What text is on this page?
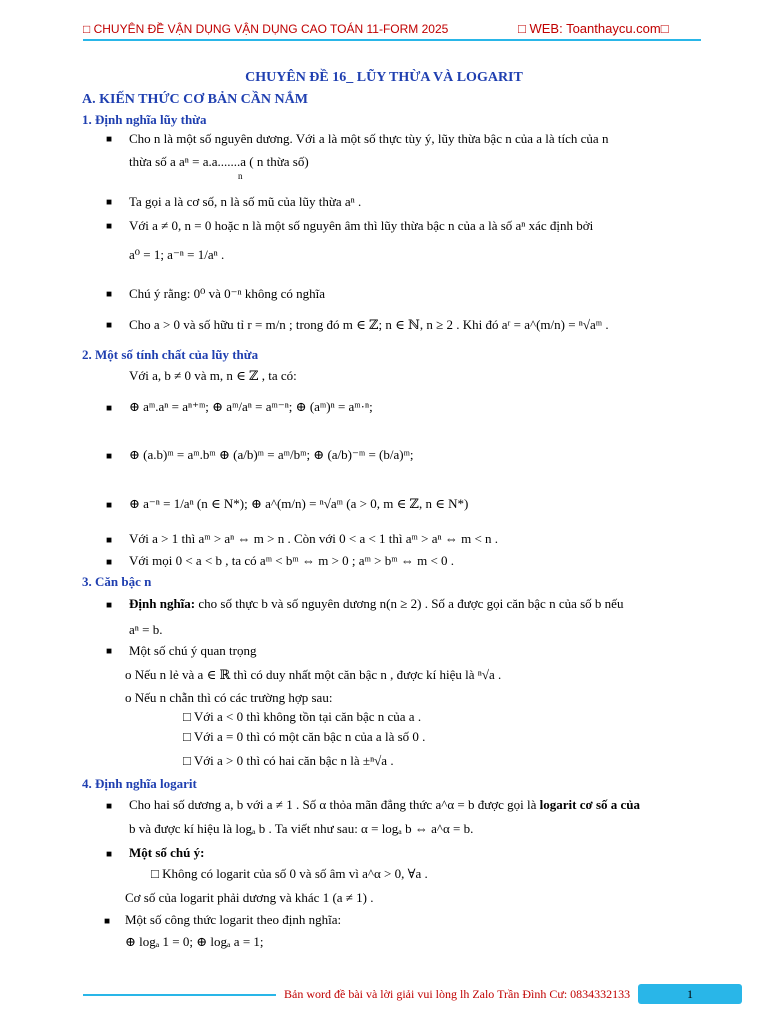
□ CHUYÊN ĐỀ VẬN DỤNG VẬN DỤNG CAO TOÁN 11-FORM 2025	□ WEB: Toanthaycu.com□
CHUYÊN ĐỀ 16_ LŨY THỪA VÀ LOGARIT
A. KIẾN THỨC CƠ BẢN CẦN NẮM
1. Định nghĩa lũy thừa
■ Cho n là một số nguyên dương. Với a là một số thực tùy ý, lũy thừa bậc n của a là tích của n
thừa số a aⁿ = a.a.......a ( n thừa số)
n
■ Ta gọi a là cơ số, n là số mũ của lũy thừa aⁿ .
■ Với a ≠ 0, n = 0 hoặc n là một số nguyên âm thì lũy thừa bậc n của a là số aⁿ xác định bởi
a⁰ = 1; a⁻ⁿ = 1/aⁿ .
■ Chú ý rằng: 0⁰ và 0⁻ⁿ không có nghĩa
■ Cho a > 0 và số hữu tỉ r = m/n ; trong đó m ∈ ℤ; n ∈ ℕ, n ≥ 2 . Khi đó aʳ = a^(m/n) = ⁿ√aᵐ .
2. Một số tính chất của lũy thừa
Với a, b ≠ 0 và m, n ∈ ℤ , ta có:
■ ⊕ aᵐ.aⁿ = aⁿ⁺ᵐ; ⊕ aᵐ/aⁿ = aᵐ⁻ⁿ; ⊕ (aᵐ)ⁿ = aᵐ·ⁿ;
■ ⊕ (a.b)ᵐ = aᵐ.bᵐ ⊕ (a/b)ᵐ = aᵐ/bᵐ; ⊕ (a/b)⁻ᵐ = (b/a)ᵐ;
■ ⊕ a⁻ⁿ = 1/aⁿ (n ∈ N*); ⊕ a^(m/n) = ⁿ√aᵐ (a > 0, m ∈ ℤ, n ∈ N*)
■ Với a > 1 thì aᵐ > aⁿ ⇔ m > n . Còn với 0 < a < 1 thì aᵐ > aⁿ ⇔ m < n .
■ Với mọi 0 < a < b , ta có aᵐ < bᵐ ⇔ m > 0 ; aᵐ > bᵐ ⇔ m < 0 .
3. Căn bậc n
■ Định nghĩa: cho số thực b và số nguyên dương n(n ≥ 2) . Số a được gọi căn bậc n của số b nếu
aⁿ = b.
■ Một số chú ý quan trọng
o Nếu n lẻ và a ∈ ℝ thì có duy nhất một căn bậc n , được kí hiệu là ⁿ√a .
o Nếu n chẵn thì có các trường hợp sau:
□ Với a < 0 thì không tồn tại căn bậc n của a .
□ Với a = 0 thì có một căn bậc n của a là số 0 .
□ Với a > 0 thì có hai căn bậc n là ±ⁿ√a .
4. Định nghĩa logarit
■ Cho hai số dương a, b với a ≠ 1 . Số α thỏa mãn đẳng thức a^α = b được gọi là logarit cơ số a của
b và được kí hiệu là logₐ b . Ta viết như sau: α = logₐ b ⇔ a^α = b.
■ Một số chú ý:
□ Không có logarit của số 0 và số âm vì a^α > 0, ∀a .
Cơ số của logarit phải dương và khác 1 (a ≠ 1) .
■ Một số công thức logarit theo định nghĩa:
⊕ logₐ 1 = 0; ⊕ logₐ a = 1;
Bản word đề bài và lời giải vui lòng lh Zalo Trần Đình Cư: 0834332133	1
